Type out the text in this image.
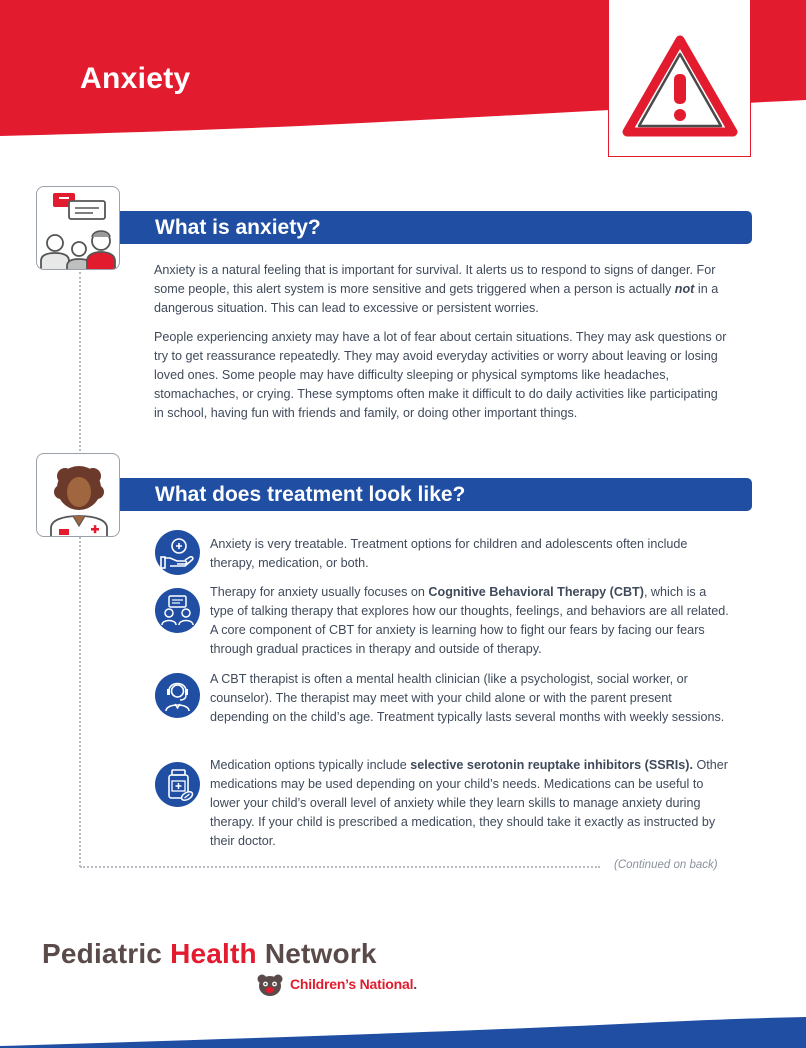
Anxiety
What is anxiety?
Anxiety is a natural feeling that is important for survival. It alerts us to respond to signs of danger. For some people, this alert system is more sensitive and gets triggered when a person is actually not in a dangerous situation. This can lead to excessive or persistent worries.
People experiencing anxiety may have a lot of fear about certain situations. They may ask questions or try to get reassurance repeatedly. They may avoid everyday activities or worry about leaving or losing loved ones. Some people may have difficulty sleeping or physical symptoms like headaches, stomachaches, or crying. These symptoms often make it difficult to do daily activities like participating in school, having fun with friends and family, or doing other important things.
What does treatment look like?
Anxiety is very treatable. Treatment options for children and adolescents often include therapy, medication, or both.
Therapy for anxiety usually focuses on Cognitive Behavioral Therapy (CBT), which is a type of talking therapy that explores how our thoughts, feelings, and behaviors are all related. A core component of CBT for anxiety is learning how to fight our fears by facing our fears through gradual practices in therapy and outside of therapy.
A CBT therapist is often a mental health clinician (like a psychologist, social worker, or counselor). The therapist may meet with your child alone or with the parent present depending on the child’s age. Treatment typically lasts several months with weekly sessions.
Medication options typically include selective serotonin reuptake inhibitors (SSRIs). Other medications may be used depending on your child’s needs. Medications can be useful to lower your child’s overall level of anxiety while they learn skills to manage anxiety during therapy. If your child is prescribed a medication, they should take it exactly as instructed by their doctor.
(Continued on back)
Pediatric Health Network
Children’s National.
